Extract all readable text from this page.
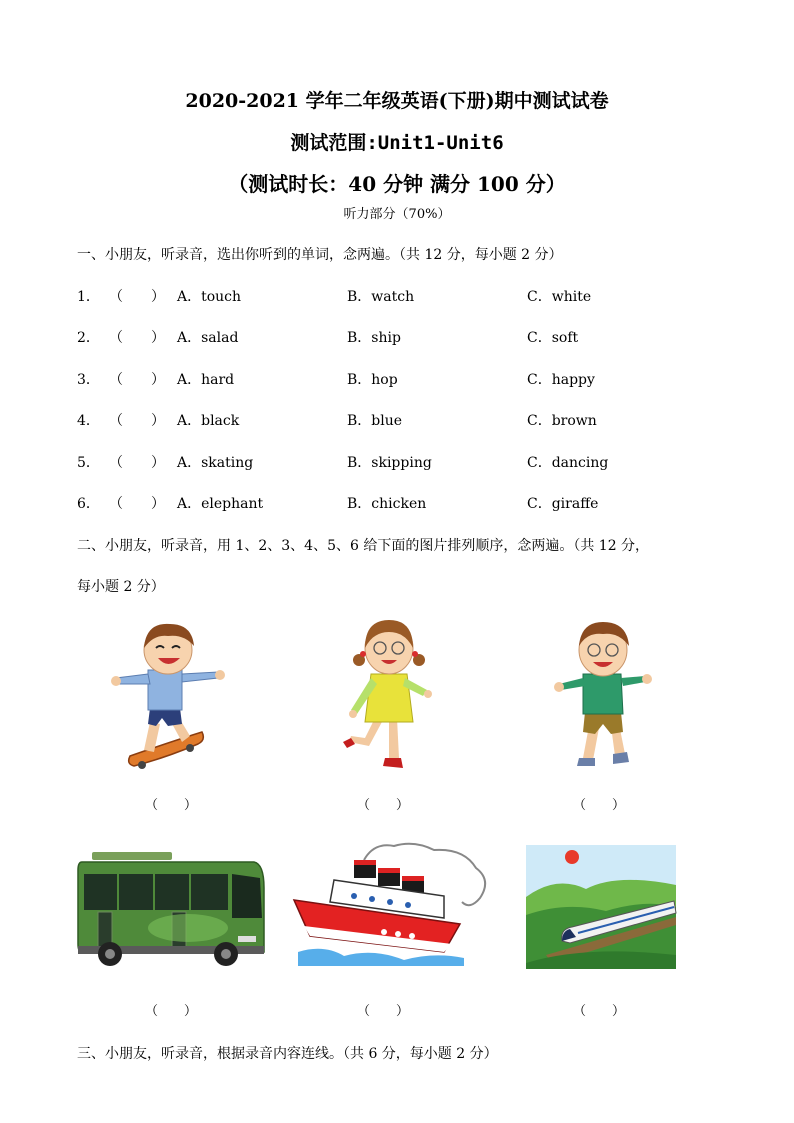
2020-2021 学年二年级英语(下册)期中测试试卷
测试范围:Unit1-Unit6
（测试时长：40 分钟 满分 100 分）
听力部分（70%）
一、小朋友，听录音，选出你听到的单词，念两遍。（共 12 分，每小题 2 分）
1． （　　） A．touch	B．watch	C．white
2． （　　） A．salad	B．ship	C．soft
3． （　　） A．hard	B．hop	C．happy
4． （　　） A．black	B．blue	C．brown
5． （　　） A．skating	B．skipping	C．dancing
6． （　　） A．elephant	B．chicken	C．giraffe
二、小朋友，听录音，用 1、2、3、4、5、6 给下面的图片排列顺序，念两遍。（共 12 分，
每小题 2 分）
（　　）	（　　）	（　　）
（　　）	（　　）	（　　）
三、小朋友，听录音，根据录音内容连线。（共 6 分，每小题 2 分）
